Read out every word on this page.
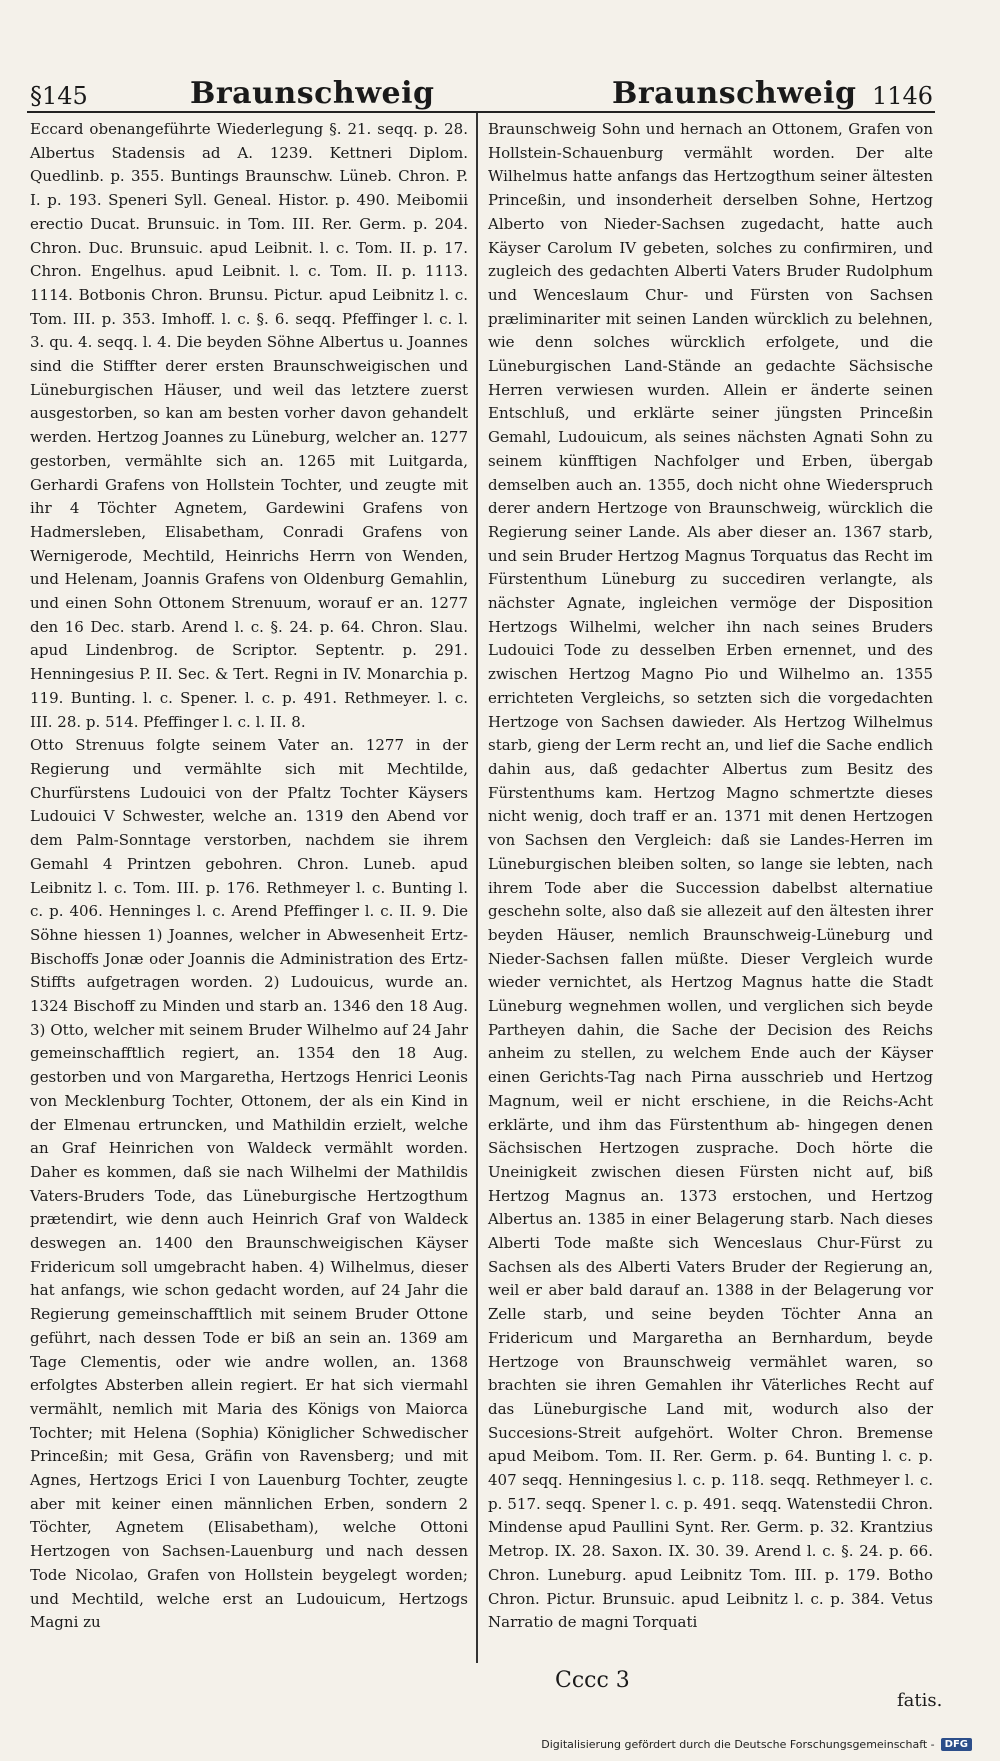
§145	Braunschweig	Braunschweig 1146

Eccard obenangeführte Wiederlegung §. 21. seqq. p. 28. Albertus Stadensis ad A. 1239. Kettneri Diplom. Quedlinb. p. 355. Buntings Braunschw. Lüneb. Chron. P. I. p. 193. Speneri Syll. Geneal. Histor. p. 490. Meibomii erectio Ducat. Brunsuic. in Tom. III. Rer. Germ. p. 204. Chron. Duc. Brunsuic. apud Leibnit. l. c. Tom. II. p. 17. Chron. Engelhus. apud Leibnit. l. c. Tom. II. p. 1113. 1114. Botbonis Chron. Brunsu. Pictur. apud Leibnitz l. c. Tom. III. p. 353. Imhoff. l. c. §. 6. seqq. Pfeffinger l. c. l. 3. qu. 4. seqq. l. 4. Die beyden Söhne Albertus u. Joannes sind die Stiffter derer ersten Braunschweigischen und Lüneburgischen Häuser, und weil das letztere zuerst ausgestorben, so kan am besten vorher davon gehandelt werden. Hertzog Joannes zu Lüneburg, welcher an. 1277 gestorben, vermählte sich an. 1265 mit Luitgarda, Gerhardi Grafens von Hollstein Tochter, und zeugte mit ihr 4 Töchter Agnetem, Gardewini Grafens von Hadmersleben, Elisabetham, Conradi Grafens von Wernigerode, Mechtild, Heinrichs Herrn von Wenden, und Helenam, Joannis Grafens von Oldenburg Gemahlin, und einen Sohn Ottonem Strenuum, worauf er an. 1277 den 16 Dec. starb. Arend l. c. §. 24. p. 64. Chron. Slau. apud Lindenbrog. de Scriptor. Septentr. p. 291. Henningesius P. II. Sec. & Tert. Regni in IV. Monarchia p. 119. Bunting. l. c. Spener. l. c. p. 491. Rethmeyer. l. c. III. 28. p. 514. Pfeffinger l. c. l. II. 8.

Otto Strenuus folgte seinem Vater an. 1277 in der Regierung und vermählte sich mit Mechtilde, Churfürstens Ludouici von der Pfaltz Tochter Käysers Ludouici V Schwester, welche an. 1319 den Abend vor dem Palm-Sonntage verstorben, nachdem sie ihrem Gemahl 4 Printzen gebohren. Chron. Luneb. apud Leibnitz l. c. Tom. III. p. 176. Rethmeyer l. c. Bunting l. c. p. 406. Henninges l. c. Arend Pfeffinger l. c. II. 9. Die Söhne hiessen 1) Joannes, welcher in Abwesenheit Ertz-Bischoffs Jonæ oder Joannis die Administration des Ertz-Stiffts aufgetragen worden. 2) Ludouicus, wurde an. 1324 Bischoff zu Minden und starb an. 1346 den 18 Aug. 3) Otto, welcher mit seinem Bruder Wilhelmo auf 24 Jahr gemeinschafftlich regiert, an. 1354 den 18 Aug. gestorben und von Margaretha, Hertzogs Henrici Leonis von Mecklenburg Tochter, Ottonem, der als ein Kind in der Elmenau ertruncken, und Mathildin erzielt, welche an Graf Heinrichen von Waldeck vermählt worden. Daher es kommen, daß sie nach Wilhelmi der Mathildis Vaters-Bruders Tode, das Lüneburgische Hertzogthum prætendirt, wie denn auch Heinrich Graf von Waldeck deswegen an. 1400 den Braunschweigischen Käyser Fridericum soll umgebracht haben. 4) Wilhelmus, dieser hat anfangs, wie schon gedacht worden, auf 24 Jahr die Regierung gemeinschafftlich mit seinem Bruder Ottone geführt, nach dessen Tode er biß an sein an. 1369 am Tage Clementis, oder wie andre wollen, an. 1368 erfolgtes Absterben allein regiert. Er hat sich viermahl vermählt, nemlich mit Maria des Königs von Maiorca Tochter; mit Helena (Sophia) Königlicher Schwedischer Princeßin; mit Gesa, Gräfin von Ravensberg; und mit Agnes, Hertzogs Erici I von Lauenburg Tochter, zeugte aber mit keiner einen männlichen Erben, sondern 2 Töchter, Agnetem (Elisabetham), welche Ottoni Hertzogen von Sachsen-Lauenburg und nach dessen Tode Nicolao, Grafen von Hollstein beygelegt worden; und Mechtild, welche erst an Ludouicum, Hertzogs Magni zu

Braunschweig Sohn und hernach an Ottonem, Grafen von Hollstein-Schauenburg vermählt worden. Der alte Wilhelmus hatte anfangs das Hertzogthum seiner ältesten Princeßin, und insonderheit derselben Sohne, Hertzog Alberto von Nieder-Sachsen zugedacht, hatte auch Käyser Carolum IV gebeten, solches zu confirmiren, und zugleich des gedachten Alberti Vaters Bruder Rudolphum und Wenceslaum Chur- und Fürsten von Sachsen præliminariter mit seinen Landen würcklich zu belehnen, wie denn solches würcklich erfolgete, und die Lüneburgischen Land-Stände an gedachte Sächsische Herren verwiesen wurden. Allein er änderte seinen Entschluß, und erklärte seiner jüngsten Princeßin Gemahl, Ludouicum, als seines nächsten Agnati Sohn zu seinem künfftigen Nachfolger und Erben, übergab demselben auch an. 1355, doch nicht ohne Wiederspruch derer andern Hertzoge von Braunschweig, würcklich die Regierung seiner Lande. Als aber dieser an. 1367 starb, und sein Bruder Hertzog Magnus Torquatus das Recht im Fürstenthum Lüneburg zu succediren verlangte, als nächster Agnate, ingleichen vermöge der Disposition Hertzogs Wilhelmi, welcher ihn nach seines Bruders Ludouici Tode zu desselben Erben ernennet, und des zwischen Hertzog Magno Pio und Wilhelmo an. 1355 errichteten Vergleichs, so setzten sich die vorgedachten Hertzoge von Sachsen dawieder. Als Hertzog Wilhelmus starb, gieng der Lerm recht an, und lief die Sache endlich dahin aus, daß gedachter Albertus zum Besitz des Fürstenthums kam. Hertzog Magno schmertzte dieses nicht wenig, doch traff er an. 1371 mit denen Hertzogen von Sachsen den Vergleich: daß sie Landes-Herren im Lüneburgischen bleiben solten, so lange sie lebten, nach ihrem Tode aber die Succession dabelbst alternatiue geschehn solte, also daß sie allezeit auf den ältesten ihrer beyden Häuser, nemlich Braunschweig-Lüneburg und Nieder-Sachsen fallen müßte. Dieser Vergleich wurde wieder vernichtet, als Hertzog Magnus hatte die Stadt Lüneburg wegnehmen wollen, und verglichen sich beyde Partheyen dahin, die Sache der Decision des Reichs anheim zu stellen, zu welchem Ende auch der Käyser einen Gerichts-Tag nach Pirna ausschrieb und Hertzog Magnum, weil er nicht erschiene, in die Reichs-Acht erklärte, und ihm das Fürstenthum ab- hingegen denen Sächsischen Hertzogen zusprache. Doch hörte die Uneinigkeit zwischen diesen Fürsten nicht auf, biß Hertzog Magnus an. 1373 erstochen, und Hertzog Albertus an. 1385 in einer Belagerung starb. Nach dieses Alberti Tode maßte sich Wenceslaus Chur-Fürst zu Sachsen als des Alberti Vaters Bruder der Regierung an, weil er aber bald darauf an. 1388 in der Belagerung vor Zelle starb, und seine beyden Töchter Anna an Fridericum und Margaretha an Bernhardum, beyde Hertzoge von Braunschweig vermählet waren, so brachten sie ihren Gemahlen ihr Väterliches Recht auf das Lüneburgische Land mit, wodurch also der Succesions-Streit aufgehört. Wolter Chron. Bremense apud Meibom. Tom. II. Rer. Germ. p. 64. Bunting l. c. p. 407 seqq. Henningesius l. c. p. 118. seqq. Rethmeyer l. c. p. 517. seqq. Spener l. c. p. 491. seqq. Watenstedii Chron. Mindense apud Paullini Synt. Rer. Germ. p. 32. Krantzius Metrop. IX. 28. Saxon. IX. 30. 39. Arend l. c. §. 24. p. 66. Chron. Luneburg. apud Leibnitz Tom. III. p. 179. Botho Chron. Pictur. Brunsuic. apud Leibnitz l. c. p. 384. Vetus Narratio de magni Torquati

Cccc 3
fatis.
Digitalisierung gefördert durch die Deutsche Forschungsgemeinschaft -	DFG
